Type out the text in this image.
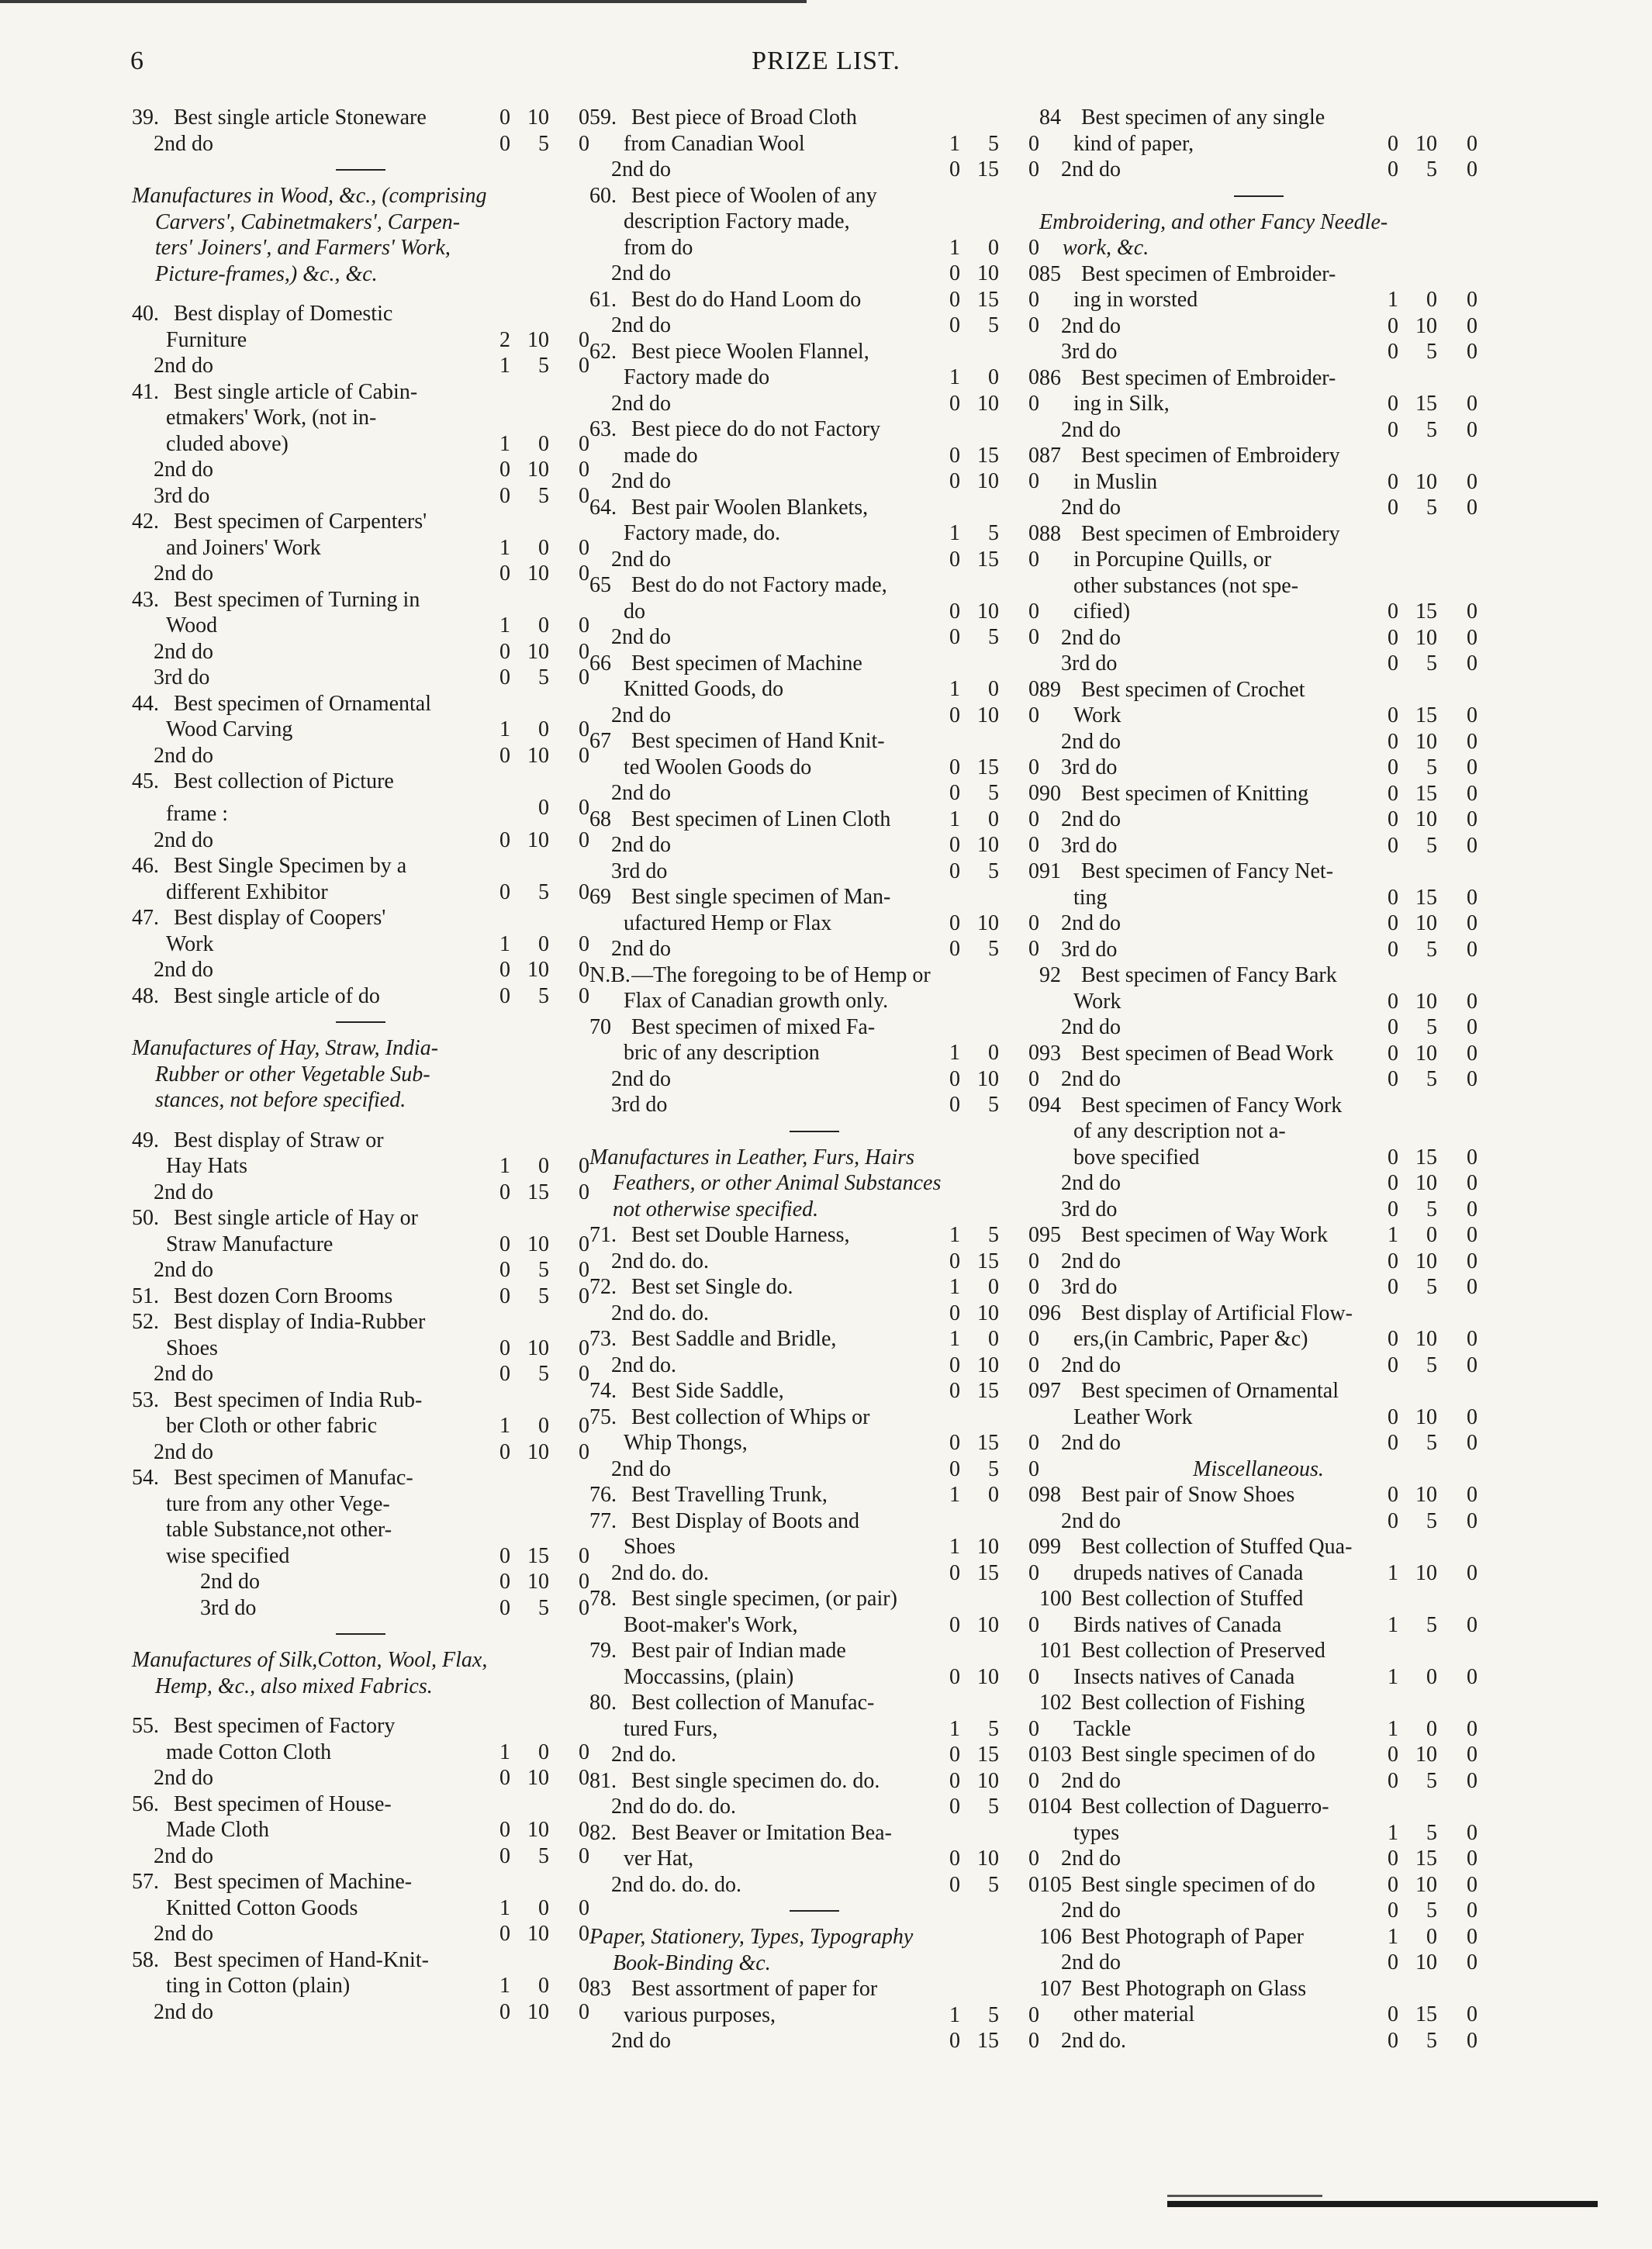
6	PRIZE LIST.
39. Best single article Stoneware	0 10	0
2nd do	0	5	0
Manufactures in Wood, &c., (comprising
Carvers', Cabinetmakers', Carpen-
ters' Joiners', and Farmers' Work,
Picture-frames,) &c., &c.
40. Best display of Domestic
Furniture	2 10	0
2nd do	1	5	0
41. Best single article of Cabin-
etmakers' Work, (not in-
cluded above)	1	0	0
2nd do	0 10	0
3rd do	0	5	0
42. Best specimen of Carpenters'
and Joiners' Work	1	0	0
2nd do	0 10	0
43. Best specimen of Turning in
Wood	1	0	0
2nd do	0 10	0
3rd do	0	5	0
44. Best specimen of Ornamental
Wood Carving	1	0	0
2nd do	0 10	0
45. Best collection of Picture
frame :	0	0
2nd do	0 10	0
46. Best Single Specimen by a
different Exhibitor	0	5	0
47. Best display of Coopers'
Work	1	0	0
2nd do	0 10	0
48. Best single article of do	0	5	0
Manufactures of Hay, Straw, India-
Rubber or other Vegetable Sub-
stances, not before specified.
49. Best display of Straw or
Hay Hats	1	0	0
2nd do	0 15	0
50. Best single article of Hay or
Straw Manufacture	0 10	0
2nd do	0	5	0
51. Best dozen Corn Brooms	0	5	0
52. Best display of India-Rubber
Shoes	0 10	0
2nd do	0	5	0
53. Best specimen of India Rub-
ber Cloth or other fabric	1	0	0
2nd do	0 10	0
54. Best specimen of Manufac-
ture from any other Vege-
table Substance,not other-
wise specified	0 15	0
2nd do	0 10	0
3rd do	0	5	0
Manufactures of Silk,Cotton, Wool, Flax,
Hemp, &c., also mixed Fabrics.
55. Best specimen of Factory
made Cotton Cloth	1	0	0
2nd do	0 10	0
56. Best specimen of House-
Made Cloth	0 10	0
2nd do	0	5	0
57. Best specimen of Machine-
Knitted Cotton Goods	1	0	0
2nd do	0 10	0
58. Best specimen of Hand-Knit-
ting in Cotton (plain)	1	0	0
2nd do	0 10	0
59. Best piece of Broad Cloth
from Canadian Wool	1	5	0
2nd do	0 15	0
60. Best piece of Woolen of any
description Factory made,
from do	1	0	0
2nd do	0 10	0
61. Best do do Hand Loom do	0 15	0
2nd do	0	5	0
62. Best piece Woolen Flannel,
Factory made do	1	0	0
2nd do	0 10	0
63. Best piece do do not Factory
made do	0 15	0
2nd do	0 10	0
64. Best pair Woolen Blankets,
Factory made, do.	1	5	0
2nd do	0 15	0
65 Best do do not Factory made,
do	0 10	0
2nd do	0	5	0
66 Best specimen of Machine
Knitted Goods, do	1	0	0
2nd do	0 10	0
67 Best specimen of Hand Knit-
ted Woolen Goods do	0 15	0
2nd do	0	5	0
68 Best specimen of Linen Cloth	1	0	0
2nd do	0 10	0
3rd do	0	5	0
69 Best single specimen of Man-
ufactured Hemp or Flax	0 10	0
2nd do	0	5	0
N.B. —The foregoing to be of Hemp or
Flax of Canadian growth only.
70 Best specimen of mixed Fa-
bric of any description	1	0	0
2nd do	0 10	0
3rd do	0	5	0
Manufactures in Leather, Furs, Hairs
Feathers, or other Animal Substances
not otherwise specified.
71. Best set Double Harness,	1	5	0
2nd do. do.	0 15	0
72. Best set Single do.	1	0	0
2nd do. do.	0 10	0
73. Best Saddle and Bridle,	1	0	0
2nd do.	0 10	0
74. Best Side Saddle,	0 15	0
75. Best collection of Whips or
Whip Thongs,	0 15	0
2nd do	0	5	0
76. Best Travelling Trunk,	1	0	0
77. Best Display of Boots and
Shoes	1 10	0
2nd do. do.	0 15	0
78. Best single specimen, (or pair)
Boot-maker's Work,	0 10	0
79. Best pair of Indian made
Moccassins, (plain)	0 10	0
80. Best collection of Manufac-
tured Furs,	1	5	0
2nd do.	0 15	0
81. Best single specimen do. do.	0 10	0
2nd do do. do.	0	5	0
82. Best Beaver or Imitation Bea-
ver Hat,	0 10	0
2nd do. do. do.	0	5	0
Paper, Stationery, Types, Typography
Book-Binding &c.
83 Best assortment of paper for
various purposes,	1	5	0
2nd do	0 15	0
84 Best specimen of any single
kind of paper,	0 10	0
2nd do	0	5	0
Embroidering, and other Fancy Needle-
work, &c.
85 Best specimen of Embroider-
ing in worsted	1	0	0
2nd do	0 10	0
3rd do	0	5	0
86 Best specimen of Embroider-
ing in Silk,	0 15	0
2nd do	0	5	0
87 Best specimen of Embroidery
in Muslin	0 10	0
2nd do	0	5	0
88 Best specimen of Embroidery
in Porcupine Quills, or
other substances (not spe-
cified)	0 15	0
2nd do	0 10	0
3rd do	0	5	0
89 Best specimen of Crochet
Work	0 15	0
2nd do	0 10	0
3rd do	0	5	0
90 Best specimen of Knitting	0 15	0
2nd do	0 10	0
3rd do	0	5	0
91 Best specimen of Fancy Net-
ting	0 15	0
2nd do	0 10	0
3rd do	0	5	0
92 Best specimen of Fancy Bark
Work	0 10	0
2nd do	0	5	0
93 Best specimen of Bead Work	0 10	0
2nd do	0	5	0
94 Best specimen of Fancy Work
of any description not a-
bove specified	0 15	0
2nd do	0 10	0
3rd do	0	5	0
95 Best specimen of Way Work	1	0	0
2nd do	0 10	0
3rd do	0	5	0
96 Best display of Artificial Flow-
ers,(in Cambric, Paper &c)	0 10	0
2nd do	0	5	0
97 Best specimen of Ornamental
Leather Work	0 10	0
2nd do	0	5	0
Miscellaneous.
98 Best pair of Snow Shoes	0 10	0
2nd do	0	5	0
99 Best collection of Stuffed Qua-
drupeds natives of Canada	1 10	0
100 Best collection of Stuffed
Birds natives of Canada	1	5	0
101 Best collection of Preserved
Insects natives of Canada	1	0	0
102 Best collection of Fishing
Tackle	1	0	0
103 Best single specimen of do	0 10	0
2nd do	0	5	0
104 Best collection of Daguerro-
types	1	5	0
2nd do	0 15	0
105 Best single specimen of do	0 10	0
2nd do	0	5	0
106 Best Photograph of Paper	1	0	0
2nd do	0 10	0
107 Best Photograph on Glass
other material	0 15	0
2nd do.	0	5	0
